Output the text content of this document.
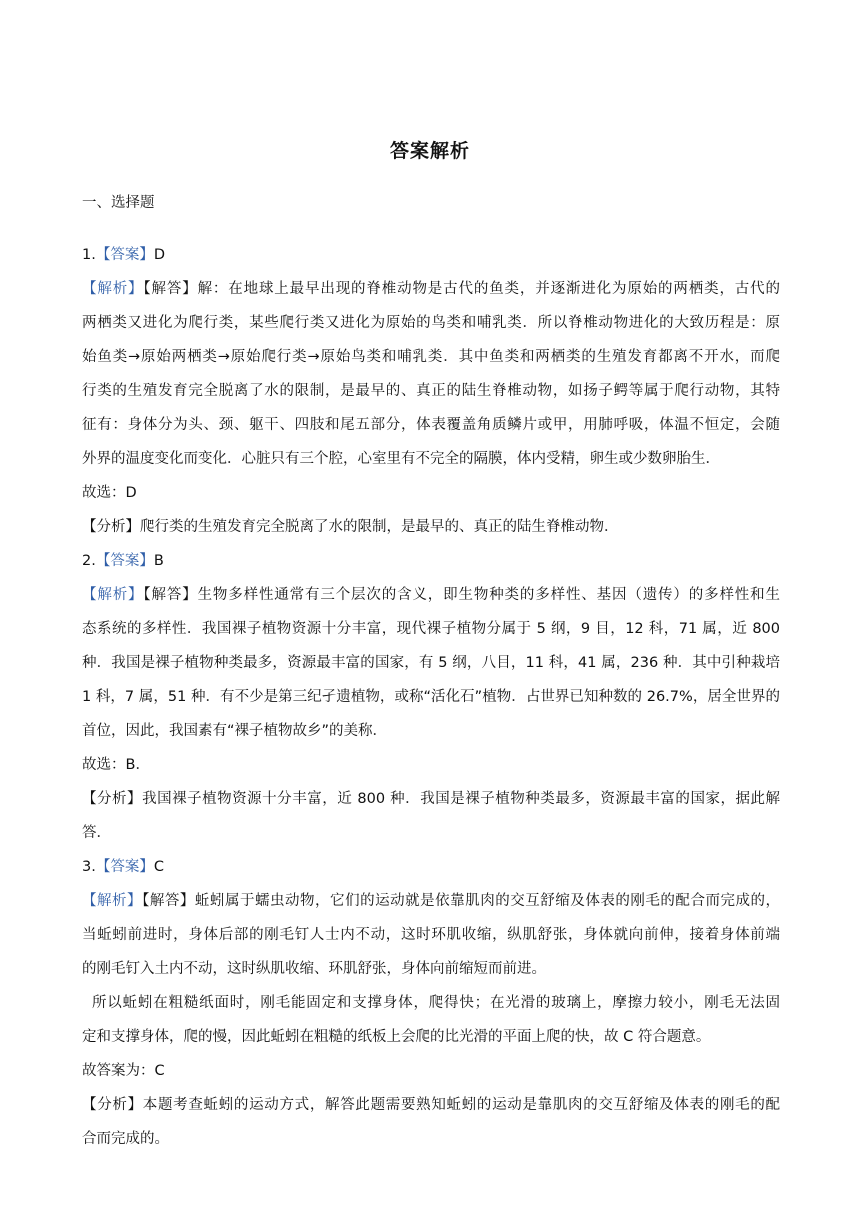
答案解析
一、选择题
1.【答案】D
【解析】【解答】解：在地球上最早出现的脊椎动物是古代的鱼类，并逐渐进化为原始的两栖类，古代的
两栖类又进化为爬行类，某些爬行类又进化为原始的鸟类和哺乳类．所以脊椎动物进化的大致历程是：原
始鱼类→原始两栖类→原始爬行类→原始鸟类和哺乳类．其中鱼类和两栖类的生殖发育都离不开水，而爬
行类的生殖发育完全脱离了水的限制，是最早的、真正的陆生脊椎动物，如扬子鳄等属于爬行动物，其特
征有：身体分为头、颈、躯干、四肢和尾五部分，体表覆盖角质鳞片或甲，用肺呼吸，体温不恒定，会随
外界的温度变化而变化．心脏只有三个腔，心室里有不完全的隔膜，体内受精，卵生或少数卵胎生．
故选：D
【分析】爬行类的生殖发育完全脱离了水的限制，是最早的、真正的陆生脊椎动物．
2.【答案】B
【解析】【解答】生物多样性通常有三个层次的含义，即生物种类的多样性、基因（遗传）的多样性和生
态系统的多样性．我国裸子植物资源十分丰富，现代裸子植物分属于 5 纲，9 目，12 科，71 属，近 800
种．我国是裸子植物种类最多，资源最丰富的国家，有 5 纲，八目，11 科，41 属，236 种．其中引种栽培
1 科，7 属，51 种．有不少是第三纪孑遗植物，或称“活化石”植物．占世界已知种数的 26.7%，居全世界的
首位，因此，我国素有“裸子植物故乡”的美称．
故选：B．
【分析】我国裸子植物资源十分丰富，近 800 种．我国是裸子植物种类最多，资源最丰富的国家，据此解
答．
3.【答案】C
【解析】【解答】蚯蚓属于蠕虫动物，它们的运动就是依靠肌肉的交互舒缩及体表的刚毛的配合而完成的，
当蚯蚓前进时，身体后部的刚毛钉人士内不动，这时环肌收缩，纵肌舒张，身体就向前伸，接着身体前端
的刚毛钉入土内不动，这时纵肌收缩、环肌舒张，身体向前缩短而前进。
所以蚯蚓在粗糙纸面时，刚毛能固定和支撑身体，爬得快；在光滑的玻璃上，摩擦力较小，刚毛无法固
定和支撑身体，爬的慢，因此蚯蚓在粗糙的纸板上会爬的比光滑的平面上爬的快，故 C 符合题意。
故答案为：C
【分析】本题考查蚯蚓的运动方式，解答此题需要熟知蚯蚓的运动是靠肌肉的交互舒缩及体表的刚毛的配
合而完成的。
